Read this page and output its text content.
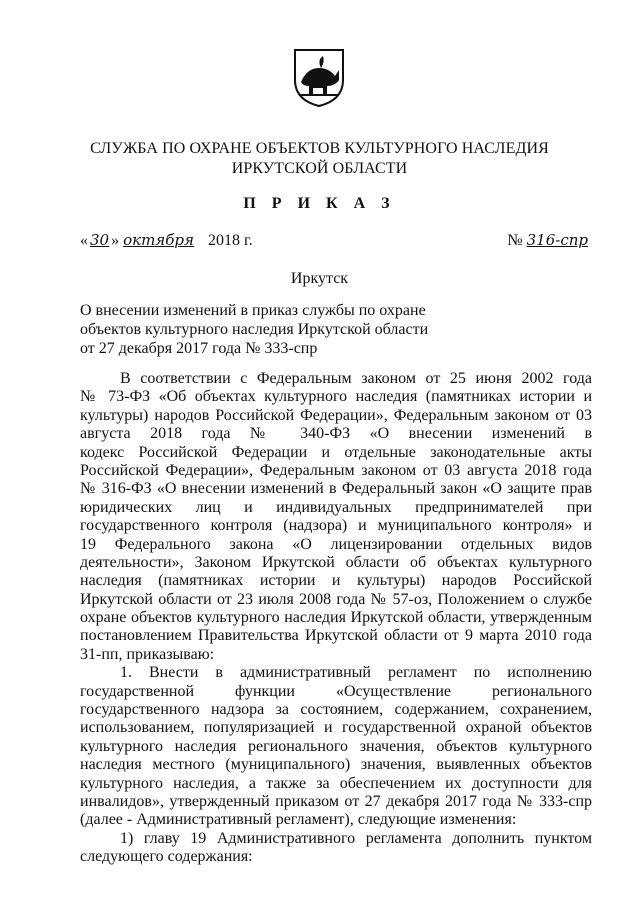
СЛУЖБА ПО ОХРАНЕ ОБЪЕКТОВ КУЛЬТУРНОГО НАСЛЕДИЯ
ИРКУТСКОЙ ОБЛАСТИ
П Р И К А З
« 30 » октября 2018 г.	№ 316-спр
Иркутск
О внесении изменений в приказ службы по охране
объектов культурного наследия Иркутской области
от 27 декабря 2017 года № 333-спр
В соответствии с Федеральным законом от 25 июня 2002 года
№ 73-ФЗ «Об объектах культурного наследия (памятниках истории и
культуры) народов Российской Федерации», Федеральным законом от 03
августа 2018 года № 340-ФЗ «О внесении изменений в
кодекс Российской Федерации и отдельные законодательные акты
Российской Федерации», Федеральным законом от 03 августа 2018 года
№ 316-ФЗ «О внесении изменений в Федеральный закон «О защите прав
юридических лиц и индивидуальных предпринимателей при
государственного контроля (надзора) и муниципального контроля» и
19 Федерального закона «О лицензировании отдельных видов
деятельности», Законом Иркутской области об объектах культурного
наследия (памятниках истории и культуры) народов Российской
Иркутской области от 23 июля 2008 года № 57-оз, Положением о службе
охране объектов культурного наследия Иркутской области, утвержденным
постановлением Правительства Иркутской области от 9 марта 2010 года
31-пп, приказываю:
1. Внести в административный регламент по исполнению
государственной функции «Осуществление регионального
государственного надзора за состоянием, содержанием, сохранением,
использованием, популяризацией и государственной охраной объектов
культурного наследия регионального значения, объектов культурного
наследия местного (муниципального) значения, выявленных объектов
культурного наследия, а также за обеспечением их доступности для
инвалидов», утвержденный приказом от 27 декабря 2017 года № 333-спр
(далее - Административный регламент), следующие изменения:
1) главу 19 Административного регламента дополнить пунктом
следующего содержания:
